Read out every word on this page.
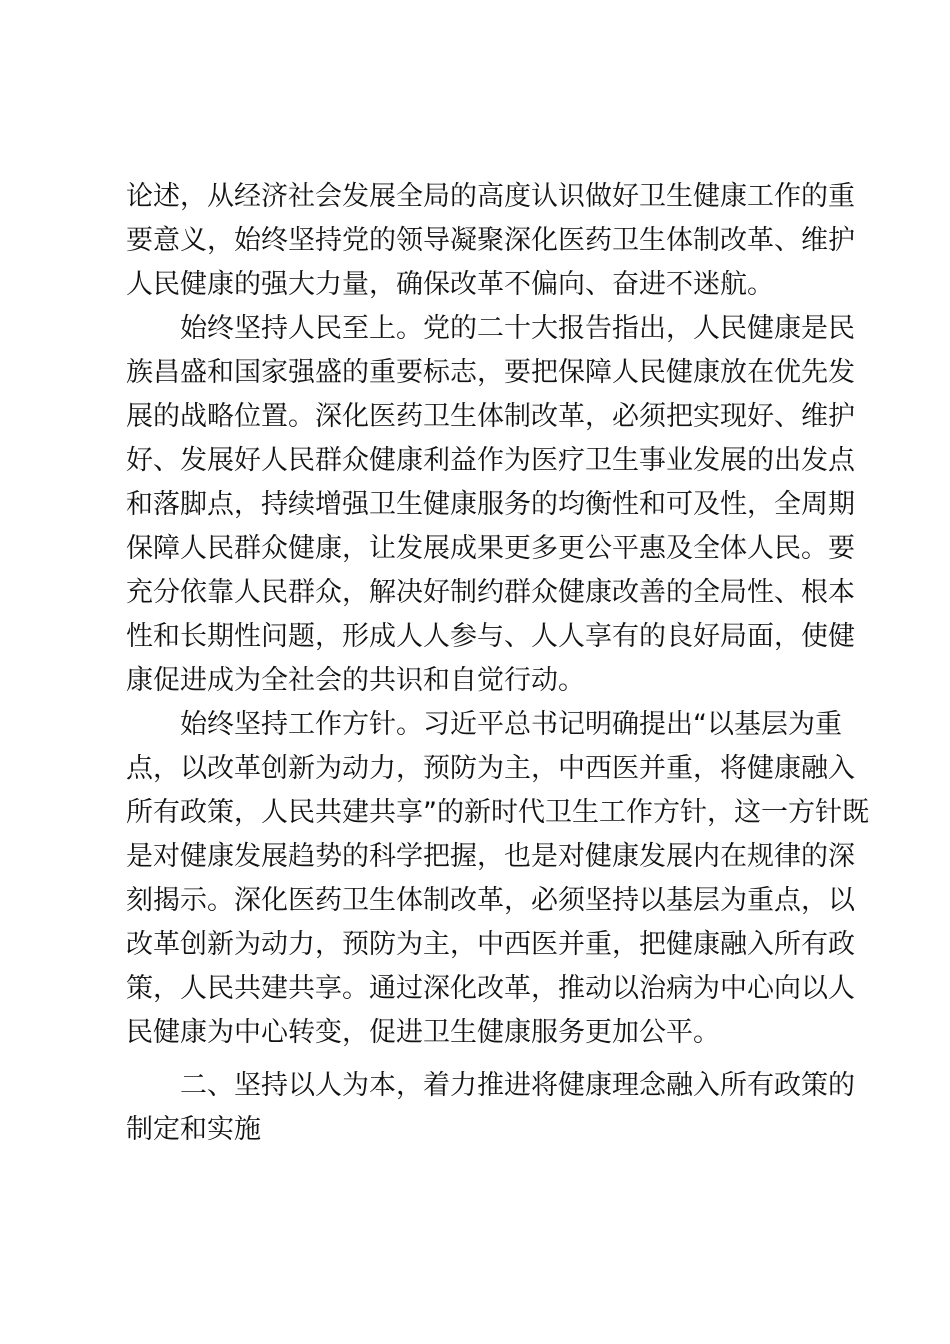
论述，从经济社会发展全局的高度认识做好卫生健康工作的重
要意义，始终坚持党的领导凝聚深化医药卫生体制改革、维护
人民健康的强大力量，确保改革不偏向、奋进不迷航。
始终坚持人民至上。党的二十大报告指出，人民健康是民
族昌盛和国家强盛的重要标志，要把保障人民健康放在优先发
展的战略位置。深化医药卫生体制改革，必须把实现好、维护
好、发展好人民群众健康利益作为医疗卫生事业发展的出发点
和落脚点，持续增强卫生健康服务的均衡性和可及性，全周期
保障人民群众健康，让发展成果更多更公平惠及全体人民。要
充分依靠人民群众，解决好制约群众健康改善的全局性、根本
性和长期性问题，形成人人参与、人人享有的良好局面，使健
康促进成为全社会的共识和自觉行动。
始终坚持工作方针。习近平总书记明确提出“以基层为重
点，以改革创新为动力，预防为主，中西医并重，将健康融入
所有政策，人民共建共享”的新时代卫生工作方针，这一方针既
是对健康发展趋势的科学把握，也是对健康发展内在规律的深
刻揭示。深化医药卫生体制改革，必须坚持以基层为重点，以
改革创新为动力，预防为主，中西医并重，把健康融入所有政
策，人民共建共享。通过深化改革，推动以治病为中心向以人
民健康为中心转变，促进卫生健康服务更加公平。
二、坚持以人为本，着力推进将健康理念融入所有政策的
制定和实施
